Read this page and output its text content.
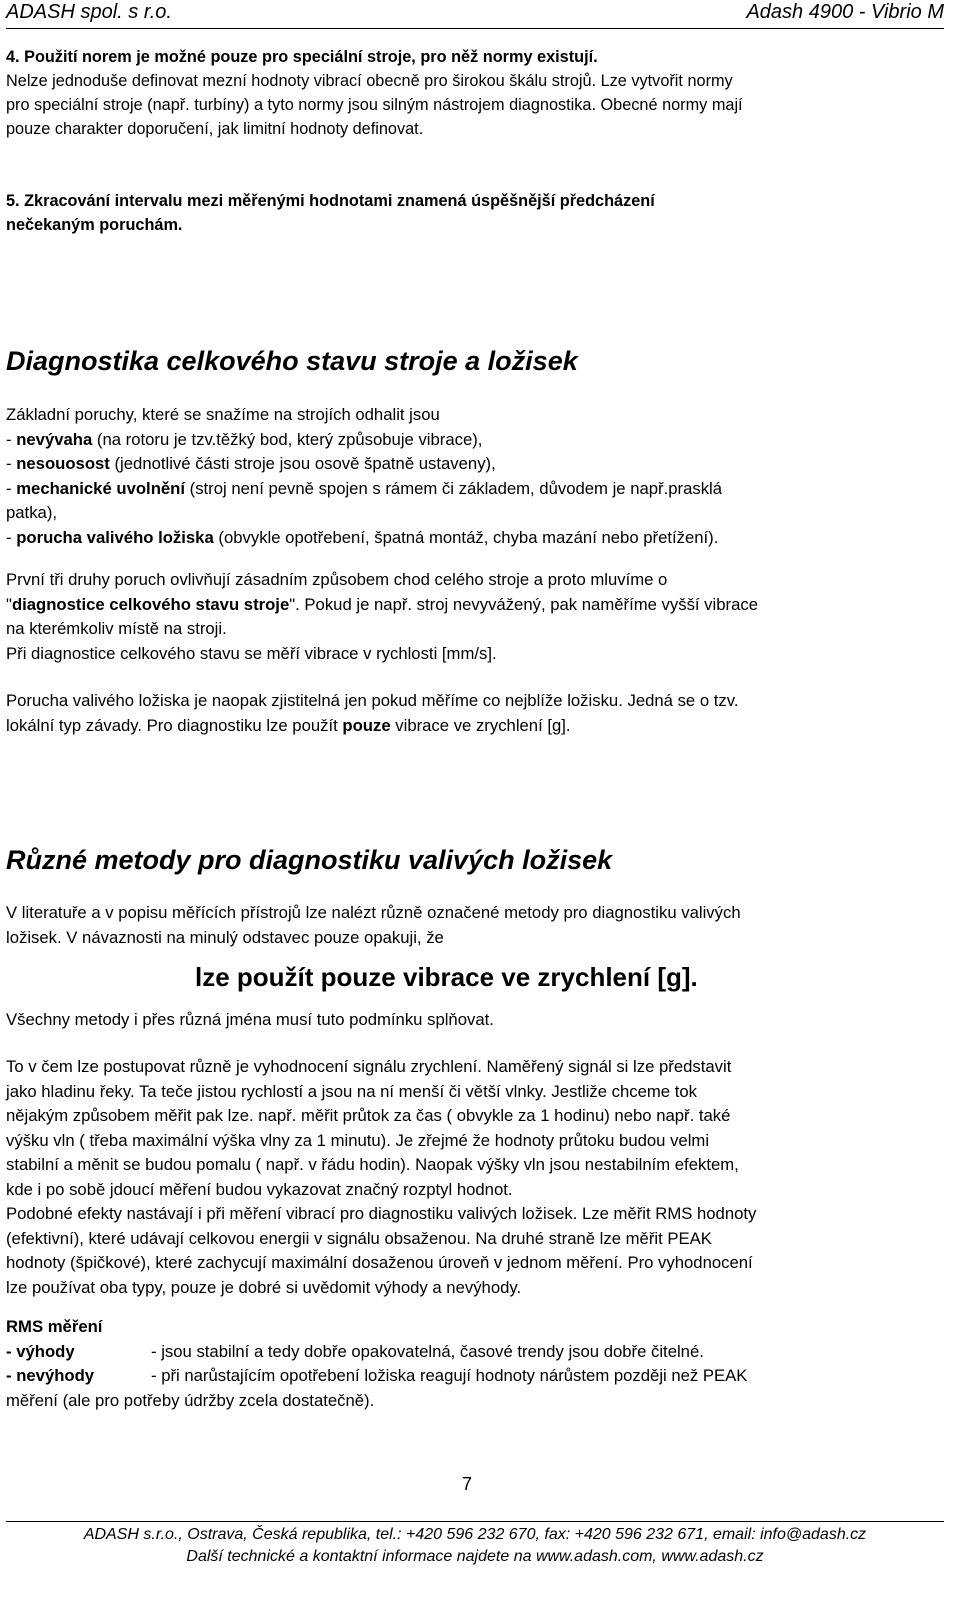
ADASH spol. s r.o.	Adash 4900 - Vibrio M
4. Použití norem je možné pouze pro speciální stroje, pro něž normy existují.
Nelze jednoduše definovat mezní hodnoty vibrací obecně pro širokou škálu strojů. Lze vytvořit normy
pro speciální stroje (např. turbíny) a tyto normy jsou silným nástrojem diagnostika. Obecné normy mají
pouze charakter doporučení, jak limitní hodnoty definovat.
5. Zkracování intervalu mezi měřenými hodnotami znamená úspěšnější předcházení
nečekaným poruchám.
Diagnostika celkového stavu stroje a ložisek
Základní poruchy, které se snažíme na strojích odhalit jsou
- nevývaha (na rotoru je tzv.těžký bod, který způsobuje vibrace),
- nesouosost (jednotlivé části stroje jsou osově špatně ustaveny),
- mechanické uvolnění (stroj není pevně spojen s rámem či základem, důvodem je např.prasklá
patka),
- porucha valivého ložiska (obvykle opotřebení, špatná montáž, chyba mazání nebo přetížení).
První tři druhy poruch ovlivňují zásadním způsobem chod celého stroje a proto mluvíme o
"diagnostice celkového stavu stroje". Pokud je např. stroj nevyvážený, pak naměříme vyšší vibrace
na kterémkoliv místě na stroji.
Při diagnostice celkového stavu se měří vibrace v rychlosti [mm/s].
Porucha valivého ložiska je naopak zjistitelná jen pokud měříme co nejblíže ložisku. Jedná se o tzv.
lokální typ závady. Pro diagnostiku lze použít pouze vibrace ve zrychlení [g].
Různé metody pro diagnostiku valivých ložisek
V literatuře a v popisu měřících přístrojů lze nalézt různě označené metody pro diagnostiku valivých
ložisek. V návaznosti na minulý odstavec pouze opakuji, že
lze použít pouze vibrace ve zrychlení [g].
Všechny metody i přes různá jména musí tuto podmínku splňovat.
To v čem lze postupovat různě je vyhodnocení signálu zrychlení. Naměřený signál si lze představit
jako hladinu řeky. Ta teče jistou rychlostí a jsou na ní menší či větší vlnky. Jestliže chceme tok
nějakým způsobem měřit pak lze. např. měřit průtok za čas ( obvykle za 1 hodinu) nebo např. také
výšku vln ( třeba maximální výška vlny za 1 minutu). Je zřejmé že hodnoty průtoku budou velmi
stabilní a měnit se budou pomalu ( např. v řádu hodin). Naopak výšky vln jsou nestabilním efektem,
kde i po sobě jdoucí měření budou vykazovat značný rozptyl hodnot.
Podobné efekty nastávají i při měření vibrací pro diagnostiku valivých ložisek. Lze měřit RMS hodnoty
(efektivní), které udávají celkovou energii v signálu obsaženou. Na druhé straně lze měřit PEAK
hodnoty (špičkové), které zachycují maximální dosaženou úroveň v jednom měření. Pro vyhodnocení
lze používat oba typy, pouze je dobré si uvědomit výhody a nevýhody.
RMS měření
- výhody	- jsou stabilní a tedy dobře opakovatelná, časové trendy jsou dobře čitelné.
- nevýhody	- při narůstajícím opotřebení ložiska reagují hodnoty nárůstem později než PEAK
měření (ale pro potřeby údržby zcela dostatečně).
7
ADASH s.r.o., Ostrava, Česká republika, tel.: +420 596 232 670, fax: +420 596 232 671, email: info@adash.cz
Další technické a kontaktní informace najdete na www.adash.com, www.adash.cz
